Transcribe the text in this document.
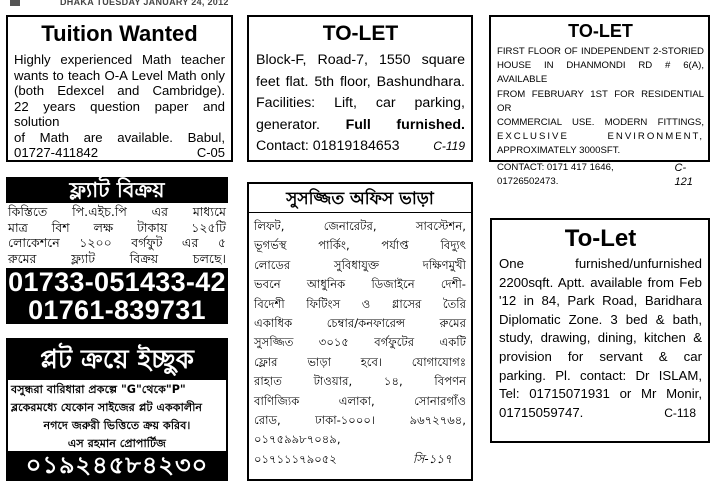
DHAKA TUESDAY JANUARY 24, 2012
Tuition Wanted
Highly experienced Math teacher
wants to teach O-A Level Math only
(both Edexcel and Cambridge).
22 years question paper and solution
of Math are available. Babul,
01727-411842	C-05
TO-LET
Block-F, Road-7, 1550 square
feet flat. 5th floor, Bashundhara.
Facilities: Lift, car parking,
generator. Full furnished.
Contact: 01819184653	C-119
TO-LET
FIRST FLOOR OF INDEPENDENT 2-STORIED
HOUSE IN DHANMONDI RD # 6(A), AVAILABLE
FROM FEBRUARY 1ST FOR RESIDENTIAL OR
COMMERCIAL USE. MODERN FITTINGS,
EXCLUSIVE ENVIRONMENT,
APPROXIMATELY 3000SFT.
CONTACT: 0171 417 1646, 01726502473.
C-121
ফ্ল্যাট বিক্রয়
কিস্তিতে পি.এইচ.পি এর মাধ্যমে
মাত্র বিশ লক্ষ টাকায় ১২৫টি
লোকেশনে ১২০০ বর্গফুট এর ৫
রুমের ফ্ল্যাট বিক্রয় চলছে।
01733-051433-42
01761-839731
প্লট ক্রয়ে ইচ্ছুক
বসুন্ধরা বারিধারা প্রকল্পে "G"থেকে"P"
ব্লকেরমধ্যে যেকোন সাইজের প্লট এককালীন
নগদে জরুরী ভিত্তিতে ক্রয় করিব।
এস রহমান প্রোপার্টিজ
০১৯২৪৫৮৪২৩০
সুসজ্জিত অফিস ভাড়া
লিফট, জেনারেটর, সাবস্টেশন,
ভূগর্ভস্থ পার্কিং, পর্যাপ্ত বিদ্যুৎ
লোডের সুবিধাযুক্ত দক্ষিণমুখী
ভবনে আধুনিক ডিজাইনে দেশী-
বিদেশী ফিটিংস ও গ্লাসের তৈরি
একাধিক চেম্বার/কনফারেন্স রুমের
সুসজ্জিত ৩০১৫ বর্গফুটের একটি
ফ্লোর ভাড়া হবে। যোগাযোগঃ
রাহাত টাওয়ার, ১৪, বিপণন
বাণিজ্যিক এলাকা, সোনারগাঁও
রোড, ঢাকা-১০০০। ৯৬৭২৭৬৪,
০১৭৫৯৯৮৭০৪৯,
০১৭১১১৭৯০৫২	সি-১১৭
To-Let
One furnished/unfurnished
2200sqft. Aptt. available from Feb
'12 in 84, Park Road, Baridhara
Diplomatic Zone. 3 bed & bath,
study, drawing, dining, kitchen &
provision for servant & car
parking. Pl. contact: Dr ISLAM,
Tel: 01715071931 or Mr Monir,
01715059747.	C-118
